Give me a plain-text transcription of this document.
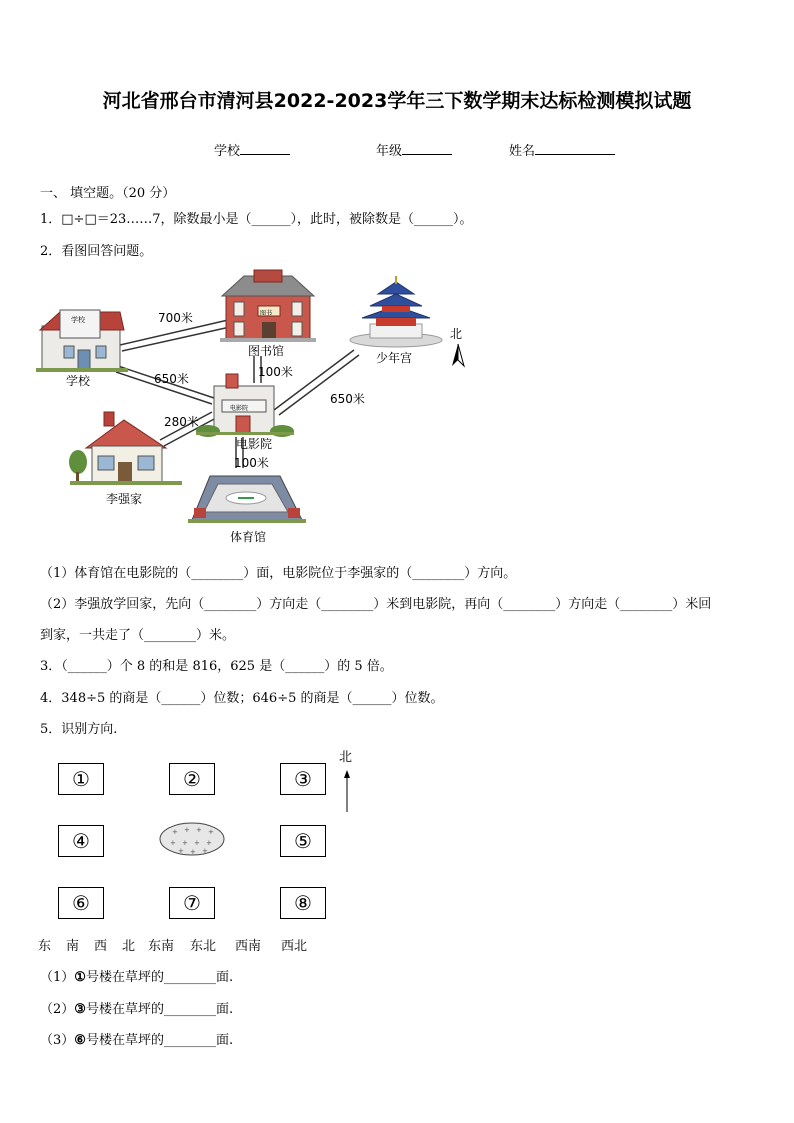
河北省邢台市清河县2022-2023学年三下数学期末达标检测模拟试题
学校	年级	姓名
一、 填空题。（20 分）
1．□÷□＝23……7，除数最小是（______），此时，被除数是（______）。
2．看图回答问题。
+ + + +
+ + + +
+ + +
学校
图书
电影院
学校
图书馆	少年宫
北
电影院
李强家
体育馆
700米
650米	100米
650米
280米
100米
（1）体育馆在电影院的（________）面，电影院位于李强家的（________）方向。
（2）李强放学回家，先向（________）方向走（________）米到电影院，再向（________）方向走（________）米回
到家，一共走了（________）米。
3．（______）个 8 的和是 816，625 是（______）的 5 倍。
4．348÷5 的商是（______）位数；646÷5 的商是（______）位数。
5．识别方向.
①	②	③
④	⑤
⑥	⑦	⑧
北
东 南 西 北 东南 东北 西南 西北
（1）①号楼在草坪的________面.
（2）③号楼在草坪的________面.
（3）⑥号楼在草坪的________面.
